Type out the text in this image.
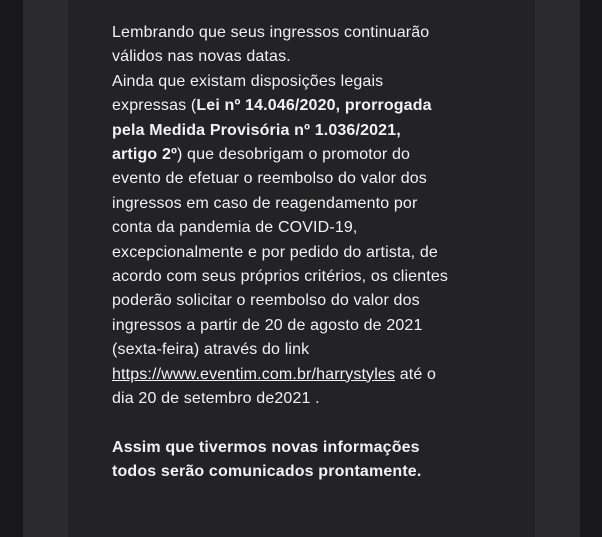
Lembrando que seus ingressos continuarão

válidos nas novas datas.

Ainda que existam disposições legais

expressas (Lei nº 14.046/2020, prorrogada

pela Medida Provisória nº 1.036/2021,

artigo 2º) que desobrigam o promotor do

evento de efetuar o reembolso do valor dos

ingressos em caso de reagendamento por

conta da pandemia de COVID-19,

excepcionalmente e por pedido do artista, de

acordo com seus próprios critérios, os clientes

poderão solicitar o reembolso do valor dos

ingressos a partir de 20 de agosto de 2021

(sexta-feira) através do link

https://www.eventim.com.br/harrystyles até o

dia 20 de setembro de2021 .

Assim que tivermos novas informações

todos serão comunicados prontamente.
